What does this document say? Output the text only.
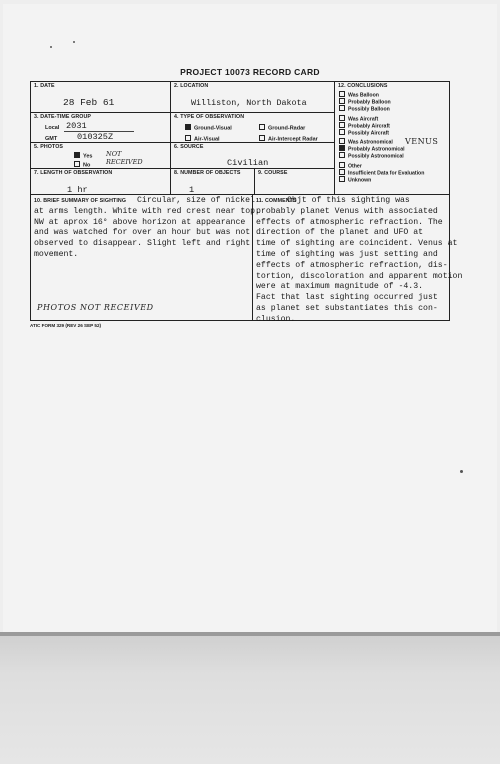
PROJECT 10073 RECORD CARD
1. DATE
28 Feb 61
2. LOCATION
Williston, North Dakota
3. DATE-TIME GROUP
Local 2031
GMT 010325Z
4. TYPE OF OBSERVATION
Ground-Visual	Ground-Radar
Air-Visual	Air-Intercept Radar
5. PHOTOS
Yes
No
NOT RECEIVED
6. SOURCE
Civilian
7. LENGTH OF OBSERVATION
1 hr
8. NUMBER OF OBJECTS
1
9. COURSE
12. CONCLUSIONS
Was Balloon
Probably Balloon
Possibly Balloon
Was Aircraft
Probably Aircraft
Possibly Aircraft
Was Astronomical
Probably Astronomical
Possibly Astronomical
Other
Insufficient Data for Evaluation
Unknown
VENUS
10. BRIEF SUMMARY OF SIGHTING Circular, size of nickel
at arms length. White with red crest near top.
NW at aprox 16° above horizon at appearance
and was watched for over an hour but was not
observed to disappear. Slight left and right
movement.
PHOTOS NOT RECEIVED
11. COMMENTS
Objt of this sighting was
probably planet Venus with associated
effects of atmospheric refraction. The
direction of the planet and UFO at
time of sighting are coincident. Venus at
time of sighting was just setting and
effects of atmospheric refraction, dis-
tortion, discoloration and apparent motion
were at maximum magnitude of -4.3.
Fact that last sighting occurred just
as planet set substantiates this con-
clusion.
ATIC FORM 329 (REV 26 SEP 52)
